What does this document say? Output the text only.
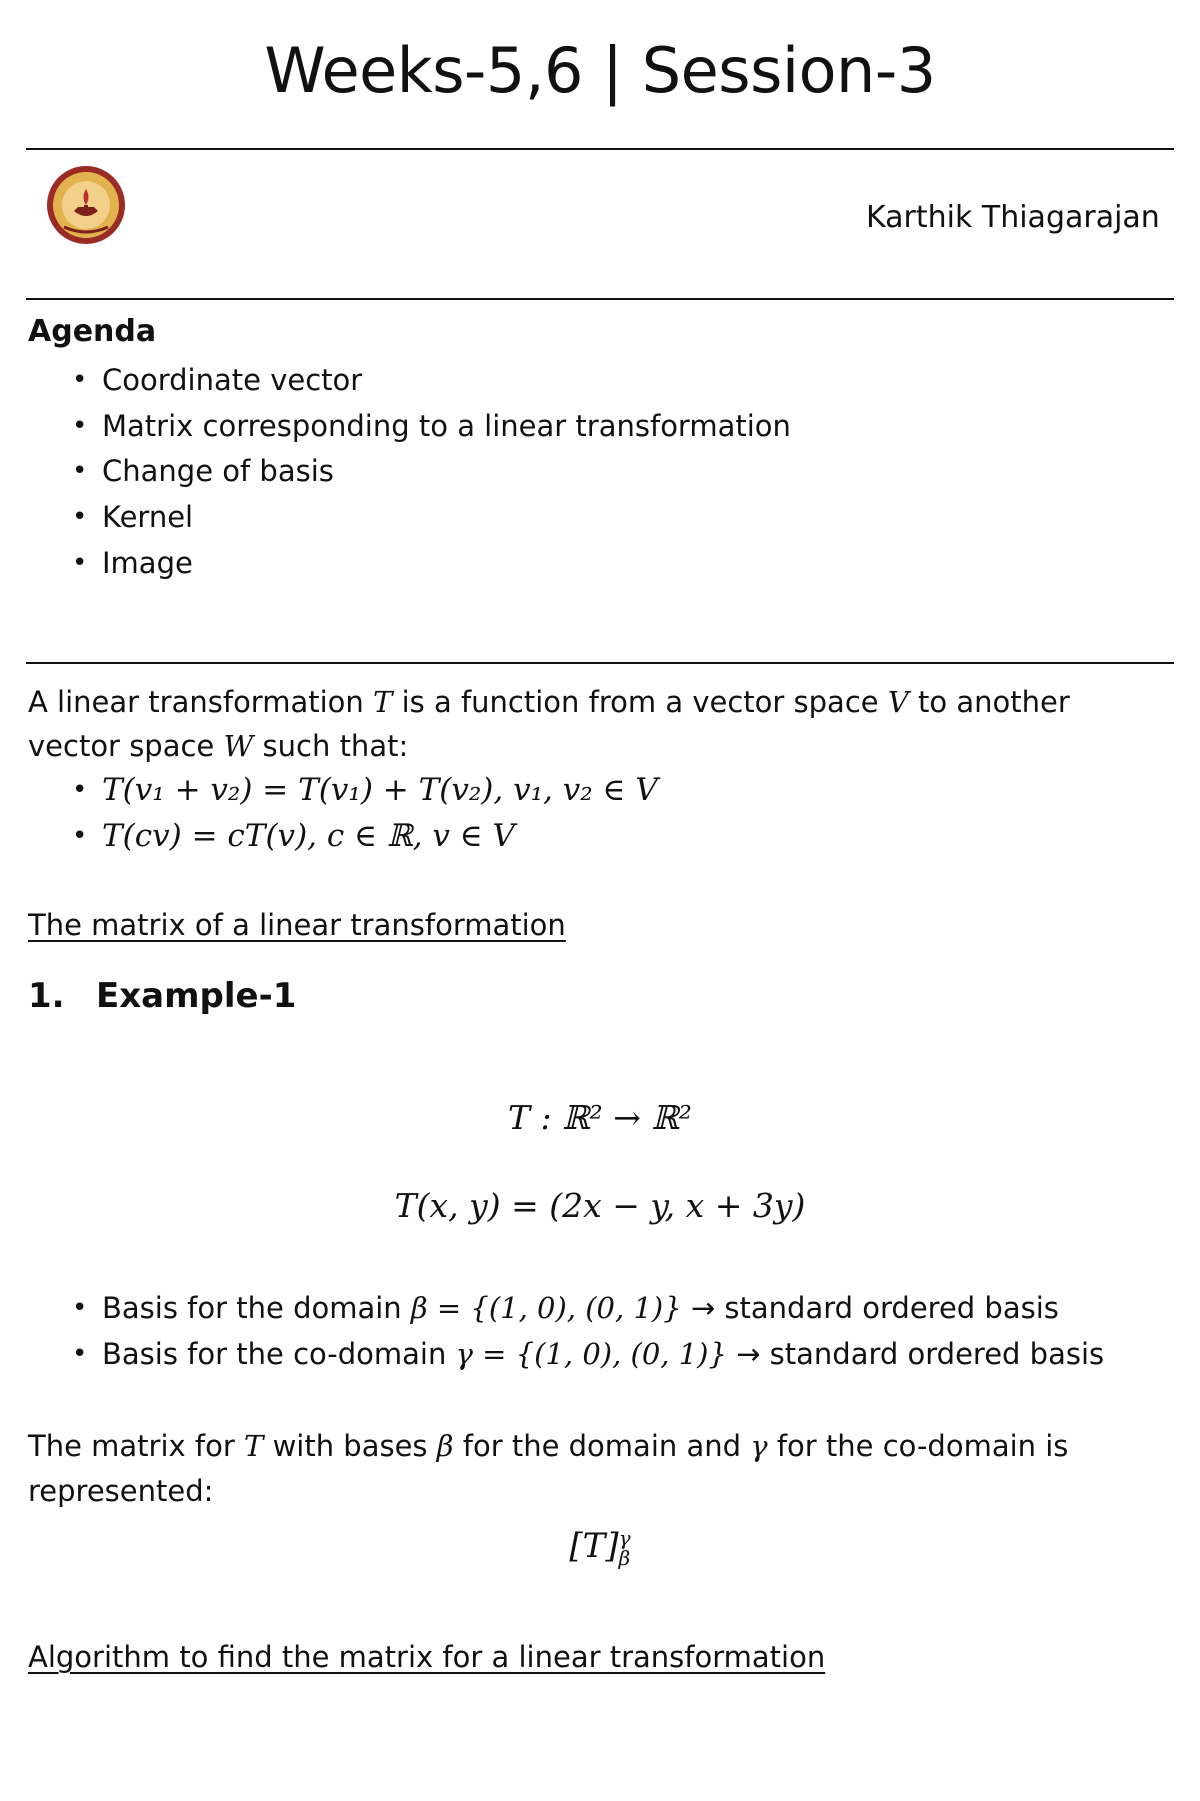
Weeks-5,6 | Session-3
Karthik Thiagarajan
Agenda
• Coordinate vector
• Matrix corresponding to a linear transformation
• Change of basis
• Kernel
• Image
A linear transformation T is a function from a vector space V to another vector space W such that:
• T(v₁ + v₂) = T(v₁) + T(v₂), v₁, v₂ ∈ V
• T(cv) = cT(v), c ∈ ℝ, v ∈ V
The matrix of a linear transformation
1. Example-1
T : ℝ² → ℝ²
T(x, y) = (2x − y, x + 3y)
• Basis for the domain β = {(1, 0), (0, 1)} → standard ordered basis
• Basis for the co-domain γ = {(1, 0), (0, 1)} → standard ordered basis
The matrix for T with bases β for the domain and γ for the co-domain is represented:
[T] γ
β
Algorithm to find the matrix for a linear transformation
